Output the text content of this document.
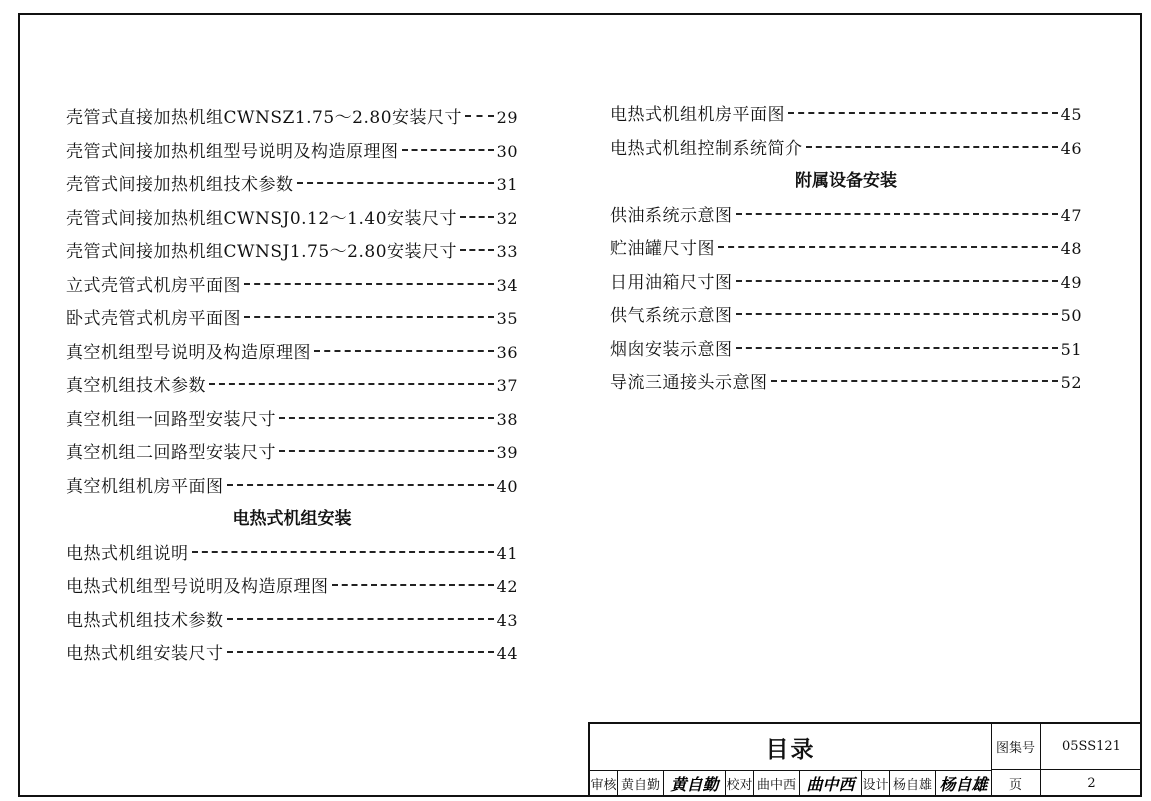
壳管式直接加热机组CWNSZ1.75～2.80安装尺寸 29
壳管式间接加热机组型号说明及构造原理图	30
壳管式间接加热机组技术参数	31
壳管式间接加热机组CWNSJ0.12～1.40安装尺寸 32
壳管式间接加热机组CWNSJ1.75～2.80安装尺寸 33
立式壳管式机房平面图	34
卧式壳管式机房平面图	35
真空机组型号说明及构造原理图	36
真空机组技术参数	37
真空机组一回路型安装尺寸	38
真空机组二回路型安装尺寸	39
真空机组机房平面图	40
电热式机组安装
电热式机组说明	41
电热式机组型号说明及构造原理图	42
电热式机组技术参数	43
电热式机组安装尺寸	44
电热式机组机房平面图	45
电热式机组控制系统简介	46
附属设备安装
供油系统示意图	47
贮油罐尺寸图	48
日用油箱尺寸图	49
供气系统示意图	50
烟囱安装示意图	51
导流三通接头示意图	52
目录	图集号	05SS121
页	2
审核 黄自勤 黄自勤 校对 曲中西 曲中西 设计 杨自雄 杨自雄
